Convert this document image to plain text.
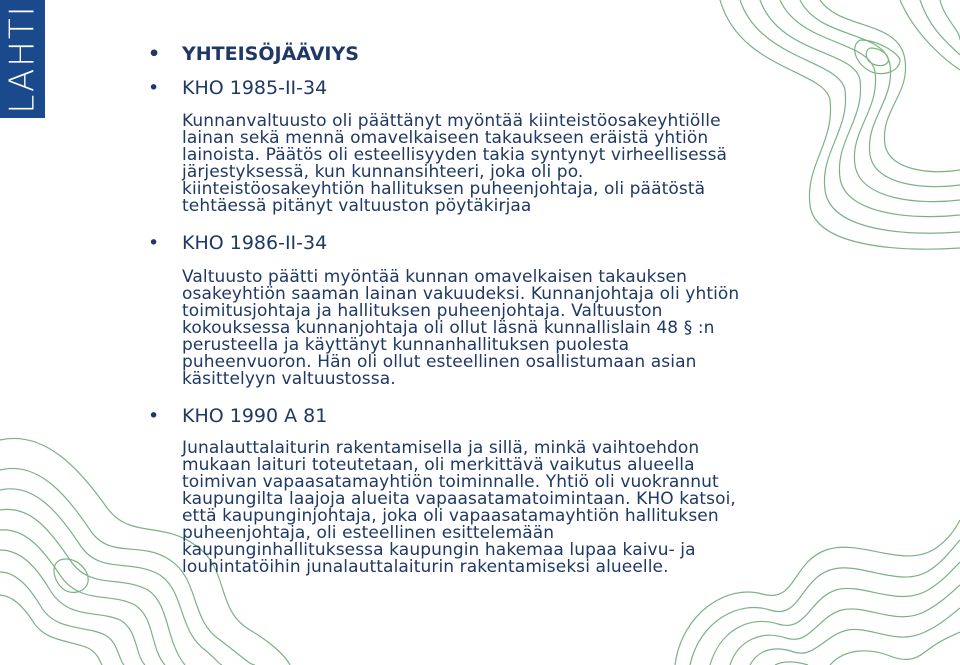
LAHTI

•	YHTEISÖJÄÄVIYS

• KHO 1985-II-34

Kunnanvaltuusto oli päättänyt myöntää kiinteistöosakeyhtiölle
lainan sekä mennä omavelkaiseen takaukseen eräistä yhtiön
lainoista. Päätös oli esteellisyyden takia syntynyt virheellisessä
järjestyksessä, kun kunnansihteeri, joka oli po.
kiinteistöosakeyhtiön hallituksen puheenjohtaja, oli päätöstä
tehtäessä pitänyt valtuuston pöytäkirjaa

• KHO 1986-II-34

Valtuusto päätti myöntää kunnan omavelkaisen takauksen
osakeyhtiön saaman lainan vakuudeksi. Kunnanjohtaja oli yhtiön
toimitusjohtaja ja hallituksen puheenjohtaja. Valtuuston
kokouksessa kunnanjohtaja oli ollut läsnä kunnallislain 48 § :n
perusteella ja käyttänyt kunnanhallituksen puolesta
puheenvuoron. Hän oli ollut esteellinen osallistumaan asian
käsittelyyn valtuustossa.

• KHO 1990 A 81

Junalauttalaiturin rakentamisella ja sillä, minkä vaihtoehdon
mukaan laituri toteutetaan, oli merkittävä vaikutus alueella
toimivan vapaasatamayhtiön toiminnalle. Yhtiö oli vuokrannut
kaupungilta laajoja alueita vapaasatamatoimintaan. KHO katsoi,
että kaupunginjohtaja, joka oli vapaasatamayhtiön hallituksen
puheenjohtaja, oli esteellinen esittelemään
kaupunginhallituksessa kaupungin hakemaa lupaa kaivu- ja
louhintatöihin junalauttalaiturin rakentamiseksi alueelle.
